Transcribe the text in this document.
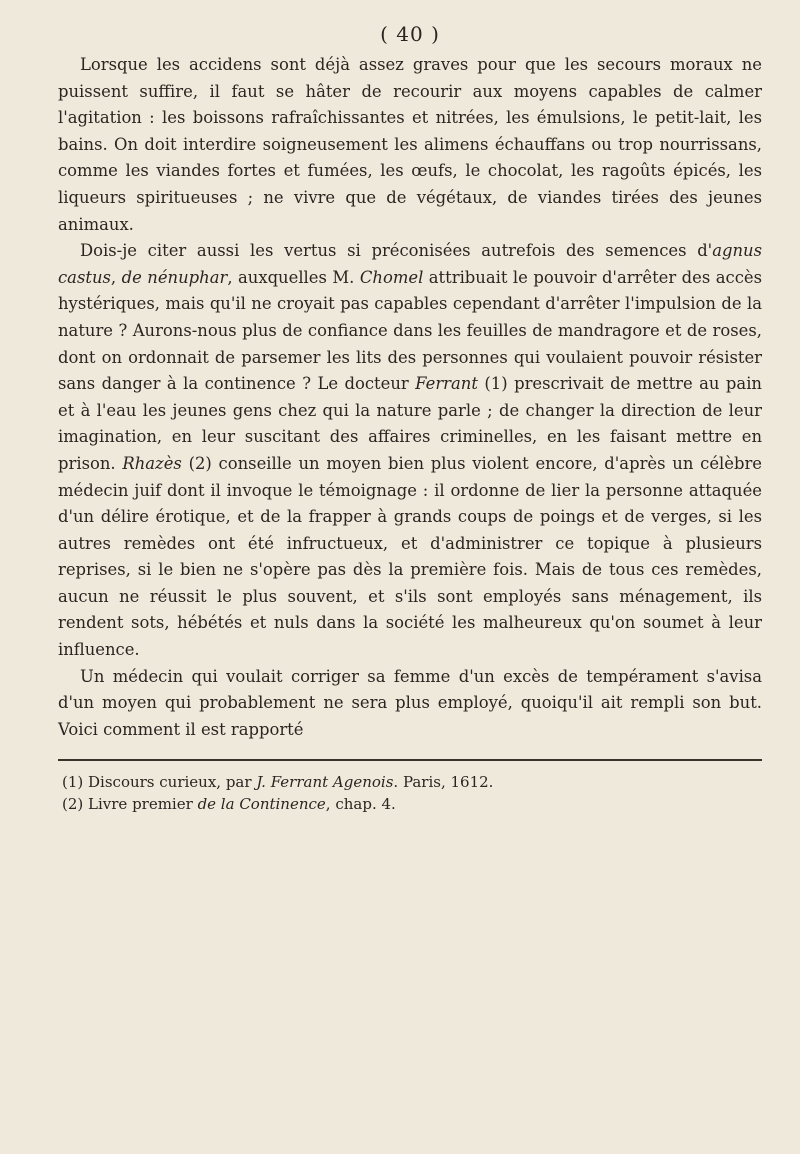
( 40 )

Lorsque les accidens sont déjà assez graves pour que les secours moraux ne puissent suffire, il faut se hâter de recourir aux moyens capables de calmer l'agitation : les boissons rafraîchissantes et nitrées, les émulsions, le petit-lait, les bains. On doit interdire soigneusement les alimens échauffans ou trop nourrissans, comme les viandes fortes et fumées, les œufs, le chocolat, les ragoûts épicés, les liqueurs spiritueuses ; ne vivre que de végétaux, de viandes tirées des jeunes animaux.

Dois-je citer aussi les vertus si préconisées autrefois des semences d'agnus castus, de nénuphar, auxquelles M. Chomel attribuait le pouvoir d'arrêter des accès hystériques, mais qu'il ne croyait pas capables cependant d'arrêter l'impulsion de la nature ? Aurons-nous plus de confiance dans les feuilles de mandragore et de roses, dont on ordonnait de parsemer les lits des personnes qui voulaient pouvoir résister sans danger à la continence ? Le docteur Ferrant (1) prescrivait de mettre au pain et à l'eau les jeunes gens chez qui la nature parle ; de changer la direction de leur imagination, en leur suscitant des affaires criminelles, en les faisant mettre en prison. Rhazès (2) conseille un moyen bien plus violent encore, d'après un célèbre médecin juif dont il invoque le témoignage : il ordonne de lier la personne attaquée d'un délire érotique, et de la frapper à grands coups de poings et de verges, si les autres remèdes ont été infructueux, et d'administrer ce topique à plusieurs reprises, si le bien ne s'opère pas dès la première fois. Mais de tous ces remèdes, aucun ne réussit le plus souvent, et s'ils sont employés sans ménagement, ils rendent sots, hébétés et nuls dans la société les malheureux qu'on soumet à leur influence.

Un médecin qui voulait corriger sa femme d'un excès de tempérament s'avisa d'un moyen qui probablement ne sera plus employé, quoiqu'il ait rempli son but. Voici comment il est rapporté

(1) Discours curieux, par J. Ferrant Agenois. Paris, 1612.

(2) Livre premier de la Continence, chap. 4.
